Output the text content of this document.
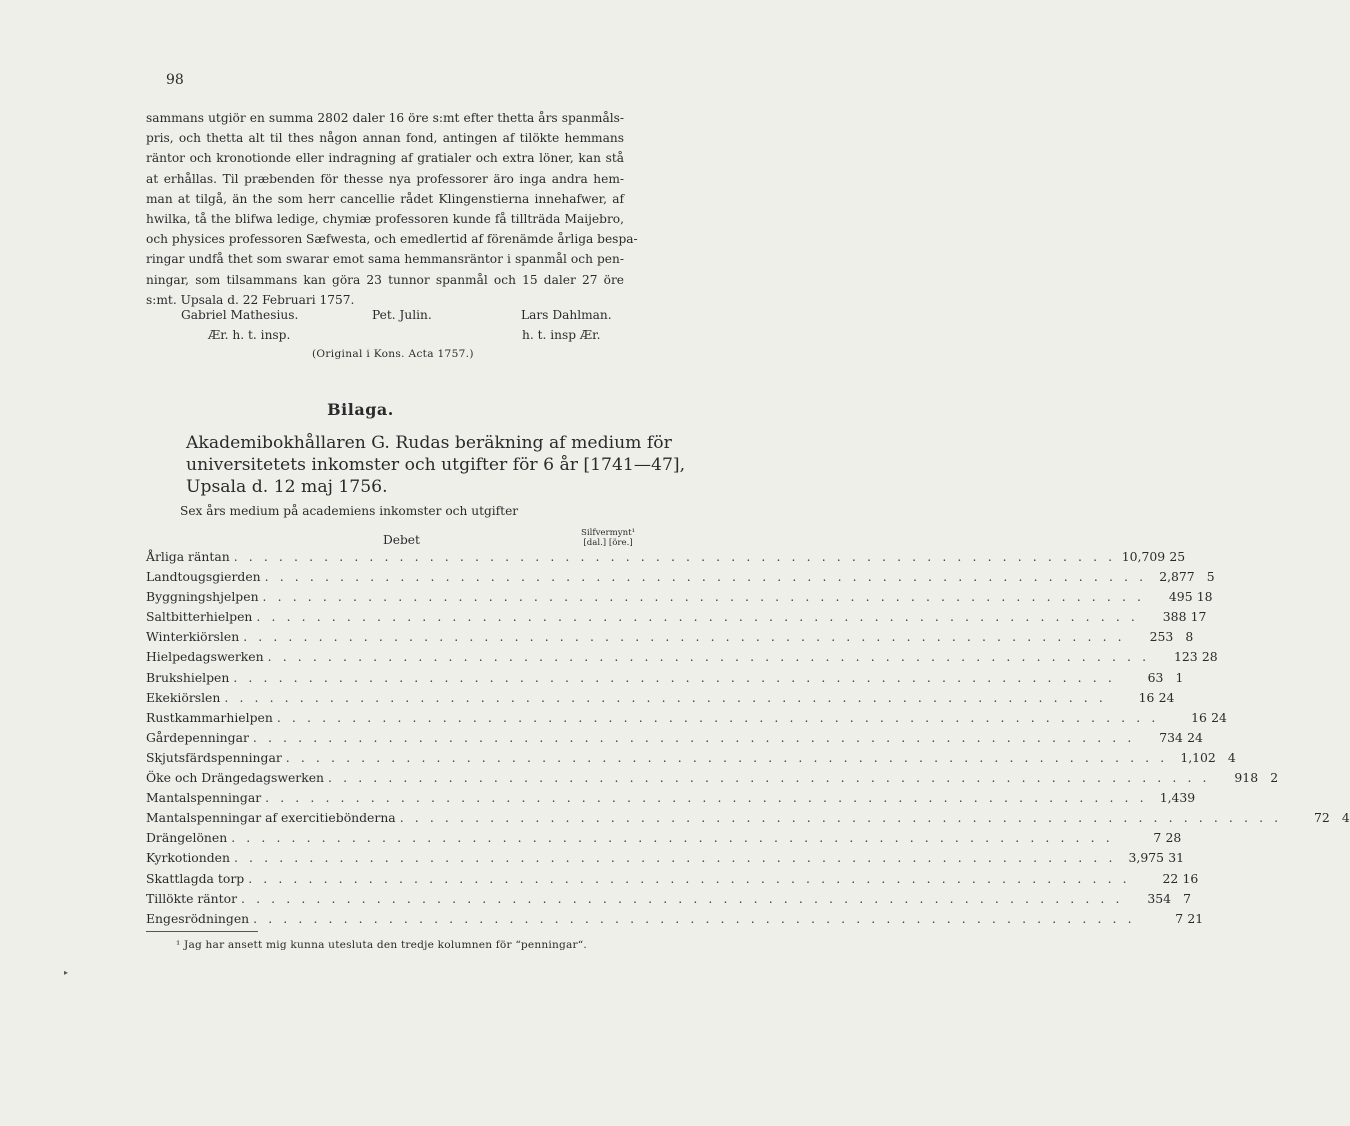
98
sammans utgiör en summa 2802 daler 16 öre s:mt efter thetta års spanmåls-
pris, och thetta alt til thes någon annan fond, antingen af tilökte hemmans
räntor och kronotionde eller indragning af gratialer och extra löner, kan stå
at erhållas. Til præbenden för thesse nya professorer äro inga andra hem-
man at tilgå, än the som herr cancellie rådet Klingenstierna innehafwer, af
hwilka, tå the blifwa ledige, chymiæ professoren kunde få tillträda Maijebro,
och physices professoren Sæfwesta, och emedlertid af förenämde årliga bespa-
ringar undfå thet som swarar emot sama hemmansräntor i spanmål och pen-
ningar, som tilsammans kan göra 23 tunnor spanmål och 15 daler 27 öre
s:mt. Upsala d. 22 Februari 1757.
Gabriel Mathesius.
Ær. h. t. insp.
Pet. Julin.	Lars Dahlman.
h. t. insp Ær.
(Original i Kons. Acta 1757.)
Bilaga.
Akademibokhållaren G. Rudas beräkning af medium för
universitetets inkomster och utgifter för 6 år [1741—47],
Upsala d. 12 maj 1756.
Sex års medium på academiens inkomster och utgifter
Debet	Silfvermynt¹
[dal.] [öre.]
Årliga räntan . . . . . . . . . . . . . . . . . . . . . . . . . . . . . . . . . . . . . . . . . . . . . . . . . . . . . . . . . . . 10,709 25
Landtougsgierden . . . . . . . . . . . . . . . . . . . . . . . . . . . . . . . . . . . . . . . . . . . . . . . . . . . . . . . . . . .	2,877 5
Byggningshjelpen . . . . . . . . . . . . . . . . . . . . . . . . . . . . . . . . . . . . . . . . . . . . . . . . . . . . . . . . . . .	495 18
Saltbitterhielpen . . . . . . . . . . . . . . . . . . . . . . . . . . . . . . . . . . . . . . . . . . . . . . . . . . . . . . . . . . .	388 17
Winterkiörslen . . . . . . . . . . . . . . . . . . . . . . . . . . . . . . . . . . . . . . . . . . . . . . . . . . . . . . . . . . .	253 8
Hielpedagswerken . . . . . . . . . . . . . . . . . . . . . . . . . . . . . . . . . . . . . . . . . . . . . . . . . . . . . . . . . . .	123 28
Brukshielpen . . . . . . . . . . . . . . . . . . . . . . . . . . . . . . . . . . . . . . . . . . . . . . . . . . . . . . . . . . .	63 1
Ekekiörslen . . . . . . . . . . . . . . . . . . . . . . . . . . . . . . . . . . . . . . . . . . . . . . . . . . . . . . . . . . .	16 24
Rustkammarhielpen . . . . . . . . . . . . . . . . . . . . . . . . . . . . . . . . . . . . . . . . . . . . . . . . . . . . . . . . . . .	16 24
Gårdepenningar . . . . . . . . . . . . . . . . . . . . . . . . . . . . . . . . . . . . . . . . . . . . . . . . . . . . . . . . . . .	734 24
Skjutsfärdspenningar . . . . . . . . . . . . . . . . . . . . . . . . . . . . . . . . . . . . . . . . . . . . . . . . . . . . . . . . . . .	1,102 4
Öke och Drängedagswerken . . . . . . . . . . . . . . . . . . . . . . . . . . . . . . . . . . . . . . . . . . . . . . . . . . . . . . . . . . .	918 2
Mantalspenningar . . . . . . . . . . . . . . . . . . . . . . . . . . . . . . . . . . . . . . . . . . . . . . . . . . . . . . . . . . .	1,439
Mantalspenningar af exercitiebönderna . . . . . . . . . . . . . . . . . . . . . . . . . . . . . . . . . . . . . . . . . . . . . . . . . . . . . . . . . . .	72 4
Drängelönen . . . . . . . . . . . . . . . . . . . . . . . . . . . . . . . . . . . . . . . . . . . . . . . . . . . . . . . . . . .	7 28
Kyrkotionden . . . . . . . . . . . . . . . . . . . . . . . . . . . . . . . . . . . . . . . . . . . . . . . . . . . . . . . . . . .	3,975 31
Skattlagda torp . . . . . . . . . . . . . . . . . . . . . . . . . . . . . . . . . . . . . . . . . . . . . . . . . . . . . . . . . . .	22 16
Tillökte räntor . . . . . . . . . . . . . . . . . . . . . . . . . . . . . . . . . . . . . . . . . . . . . . . . . . . . . . . . . . .	354 7
Engesrödningen . . . . . . . . . . . . . . . . . . . . . . . . . . . . . . . . . . . . . . . . . . . . . . . . . . . . . . . . . . .	7 21
¹ Jag har ansett mig kunna utesluta den tredje kolumnen för “penningar“.
▸
